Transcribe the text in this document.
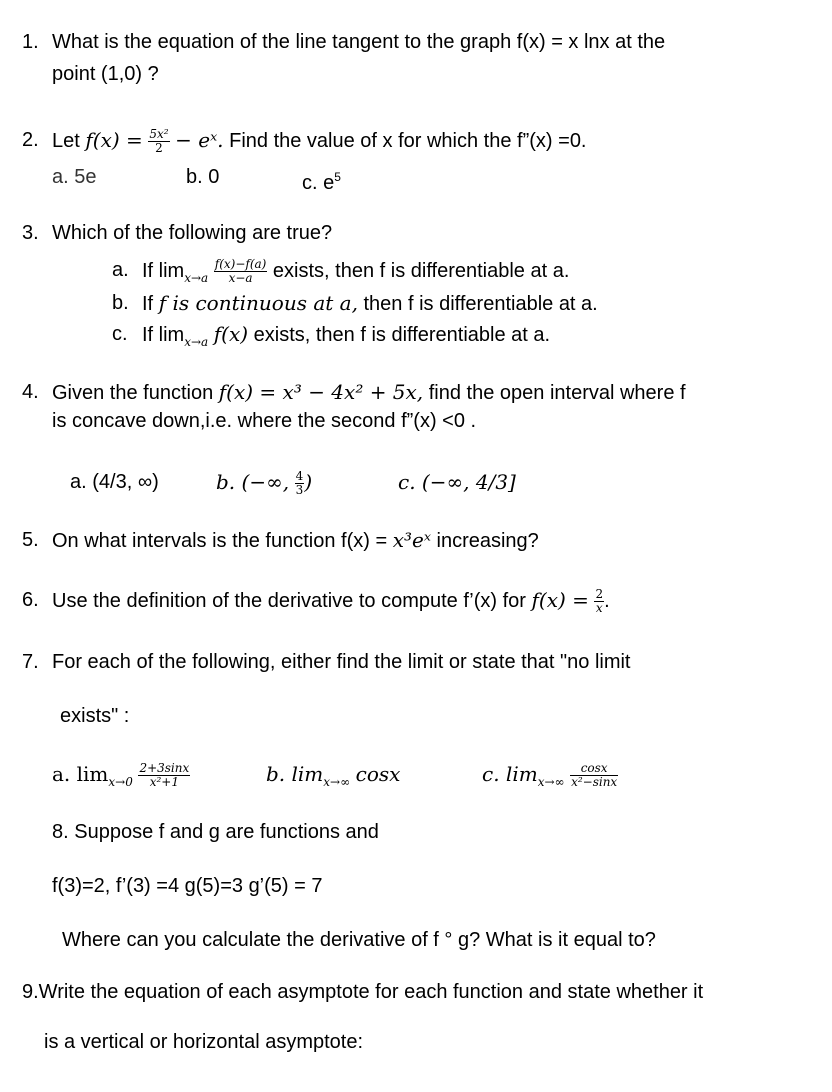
1. What is the equation of the line tangent to the graph f(x) = x lnx at the
point (1,0) ?
2. Let $f(x) = \frac{\text{5x²}}{2}$ − eˣ. Find the value of x for which the f”(x) =0.
a. 5e	b. 0	c. $e^5$
3. Which of the following are true?
a. If $\lim_{x\to a} \frac{f(x)-f(a)}{x-a}$ exists, then f is differentiable at a.
b. If f is continuous at a, then f is differentiable at a.
c. If $\lim_{x\to a} f(x)$ exists, then f is differentiable at a.
4. Given the function f(x) = x³ − 4x² + 5x, find the open interval where f
is concave down,i.e. where the second f”(x) <0 .
a. (4/3, ∞)	b. (−∞, $\frac{4}{3}$ )	c. (−∞, 4/3]
5. On what intervals is the function f(x) = x³eˣ increasing?
6. Use the definition of the derivative to compute f’(x) for $f(x) = \frac{2}{x}$ .
7. For each of the following, either find the limit or state that "no limit
exists" :
a. $\lim_{x\to 0} \frac{2+3\sin x}{\text{x²+1}}$	b. $\lim_{x\to\infty} \cos x$	c. $\lim_{x\to\infty} \frac{\cos x}{\text{x²−sinx}}$
8. Suppose f and g are functions and
f(3)=2, f’(3) =4 g(5)=3 g’(5) = 7
Where can you calculate the derivative of f ° g? What is it equal to?
9.Write the equation of each asymptote for each function and state whether it
is a vertical or horizontal asymptote:
